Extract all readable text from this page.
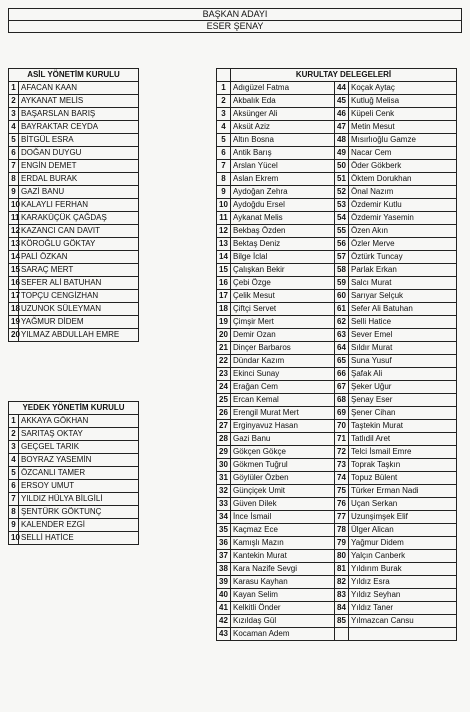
BAŞKAN ADAYI
ESER ŞENAY
ASİL YÖNETİM KURULU	
1	AFACAN KAAN
2	AYKANAT MELİS
3	BAŞARSLAN BARIŞ
4	BAYRAKTAR CEYDA
5	BİTGÜL ESRA
6	DOĞAN DUYGU
7	ENGİN DEMET
8	ERDAL BURAK
9	GAZİ BANU
10	KALAYLI FERHAN
11	KARAKÜÇÜK ÇAĞDAŞ
12	KAZANCI CAN DAVIT
13	KÖROĞLU GÖKTAY
14	PALİ ÖZKAN
15	SARAÇ MERT
16	SEFER ALİ BATUHAN
17	TOPÇU CENGİZHAN
18	UZUNOK SÜLEYMAN
19	YAĞMUR DİDEM
20	YILMAZ ABDULLAH EMRE
YEDEK YÖNETİM KURULU	
1	AKKAYA GÖKHAN
2	SARITAŞ OKTAY
3	GEÇGEL TARIK
4	BOYRAZ YASEMİN
5	ÖZCANLI TAMER
6	ERSOY UMUT
7	YILDIZ HÜLYA BİLGİLİ
8	ŞENTÜRK GÖKTUNÇ
9	KALENDER EZGİ
10	SELLİ HATİCE
	KURULTAY DELEGELERİ		
1	Adıgüzel Fatma	44	Koçak Aytaç
2	Akbalık Eda	45	Kutluğ Melisa
3	Aksünger Ali	46	Küpeli Cenk
4	Aksüt Aziz	47	Metin Mesut
5	Altın Bosna	48	Mısırlıoğlu Gamze
6	Antik Barış	49	Nacar Cem
7	Arslan Yücel	50	Öder Gökberk
8	Aslan Ekrem	51	Öktem Dorukhan
9	Aydoğan Zehra	52	Önal Nazım
10	Aydoğdu Ersel	53	Özdemir Kutlu
11	Aykanat Melis	54	Özdemir Yasemin
12	Bekbaş Özden	55	Özen Akın
13	Bektaş Deniz	56	Özler Merve
14	Bilge İclal	57	Öztürk Tuncay
15	Çalışkan Bekir	58	Parlak Erkan
16	Çebi Özge	59	Salcı Murat
17	Çelik Mesut	60	Sarıyar Selçuk
18	Çiftçi Servet	61	Sefer Ali Batuhan
19	Çimşir Mert	62	Selli Hatice
20	Demir Ozan	63	Sever Emel
21	Dinçer Barbaros	64	Sıldır Murat
22	Dündar Kazım	65	Suna Yusuf
23	Ekinci Sunay	66	Şafak Ali
24	Erağan Cem	67	Şeker Uğur
25	Ercan Kemal	68	Şenay Eser
26	Erengil Murat Mert	69	Şener Cihan
27	Erginyavuz Hasan	70	Taştekin Murat
28	Gazi Banu	71	Tatlıdil Aret
29	Gökçen Gökçe	72	Telci İsmail Emre
30	Gökmen Tuğrul	73	Toprak Taşkın
31	Göylüler Özben	74	Topuz Bülent
32	Günçiçek Umit	75	Türker Erman Nadi
33	Güven Dilek	76	Uçan Serkan
34	İnce İsmail	77	Uzunşimşek Elif
35	Kaçmaz Ece	78	Ülger Alican
36	Kamışlı Mazın	79	Yağmur Didem
37	Kantekin Murat	80	Yalçın Canberk
38	Kara Nazife Sevgi	81	Yıldırım Burak
39	Karasu Kayhan	82	Yıldız Esra
40	Kayan Selim	83	Yıldız Seyhan
41	Kelkitli Önder	84	Yıldız Taner
42	Kızıldaş Gül	85	Yılmazcan Cansu
43	Kocaman Adem		
